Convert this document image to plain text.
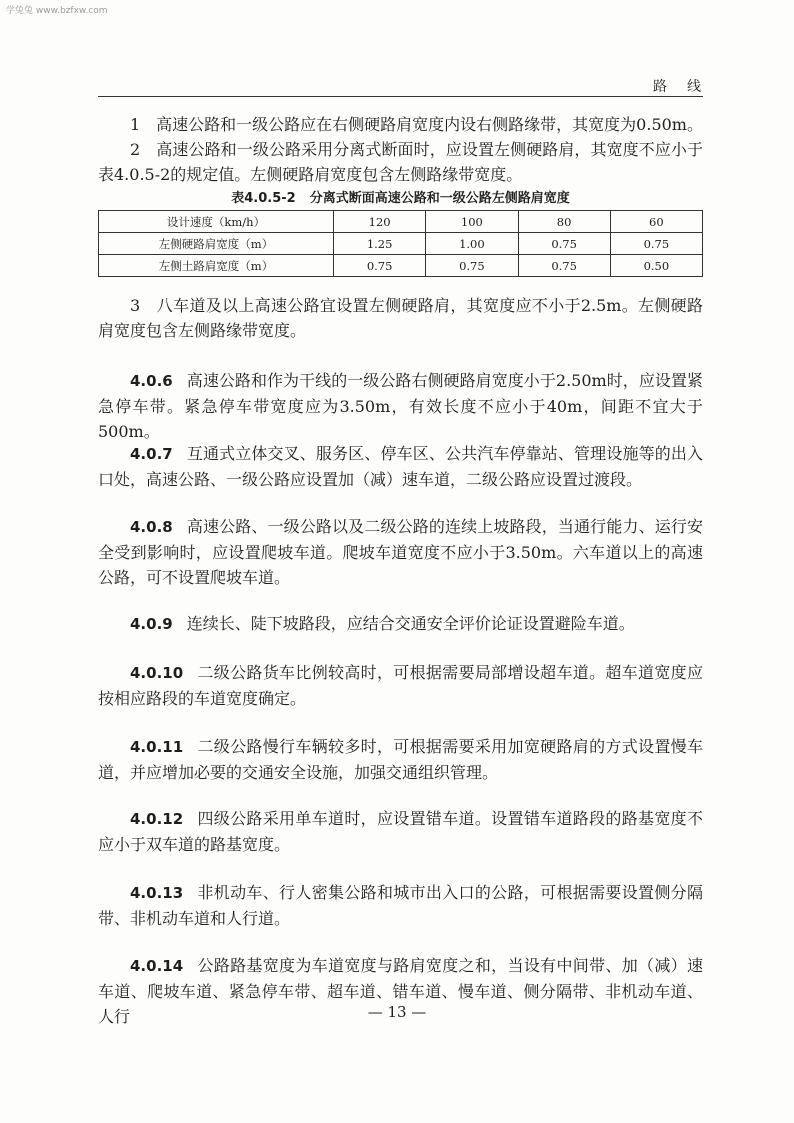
学兔兔 www.bzfxw.com
路线
1　高速公路和一级公路应在右侧硬路肩宽度内设右侧路缘带，其宽度为0.50m。
2　高速公路和一级公路采用分离式断面时，应设置左侧硬路肩，其宽度不应小于表4.0.5-2的规定值。左侧硬路肩宽度包含左侧路缘带宽度。
表4.0.5-2 分离式断面高速公路和一级公路左侧路肩宽度
设计速度（km/h）	120	100	80	60
左侧硬路肩宽度（m）	1.25	1.00	0.75	0.75
左侧土路肩宽度（m）	0.75	0.75	0.75	0.50
3　八车道及以上高速公路宜设置左侧硬路肩，其宽度应不小于2.5m。左侧硬路肩宽度包含左侧路缘带宽度。
4.0.6 高速公路和作为干线的一级公路右侧硬路肩宽度小于2.50m时，应设置紧急停车带。紧急停车带宽度应为3.50m，有效长度不应小于40m，间距不宜大于500m。
4.0.7 互通式立体交叉、服务区、停车区、公共汽车停靠站、管理设施等的出入口处，高速公路、一级公路应设置加（减）速车道，二级公路应设置过渡段。
4.0.8 高速公路、一级公路以及二级公路的连续上坡路段，当通行能力、运行安全受到影响时，应设置爬坡车道。爬坡车道宽度不应小于3.50m。六车道以上的高速公路，可不设置爬坡车道。
4.0.9 连续长、陡下坡路段，应结合交通安全评价论证设置避险车道。
4.0.10 二级公路货车比例较高时，可根据需要局部增设超车道。超车道宽度应按相应路段的车道宽度确定。
4.0.11 二级公路慢行车辆较多时，可根据需要采用加宽硬路肩的方式设置慢车道，并应增加必要的交通安全设施，加强交通组织管理。
4.0.12 四级公路采用单车道时，应设置错车道。设置错车道路段的路基宽度不应小于双车道的路基宽度。
4.0.13 非机动车、行人密集公路和城市出入口的公路，可根据需要设置侧分隔带、非机动车道和人行道。
4.0.14 公路路基宽度为车道宽度与路肩宽度之和，当设有中间带、加（减）速车道、爬坡车道、紧急停车带、超车道、错车道、慢车道、侧分隔带、非机动车道、人行	— 13 —
